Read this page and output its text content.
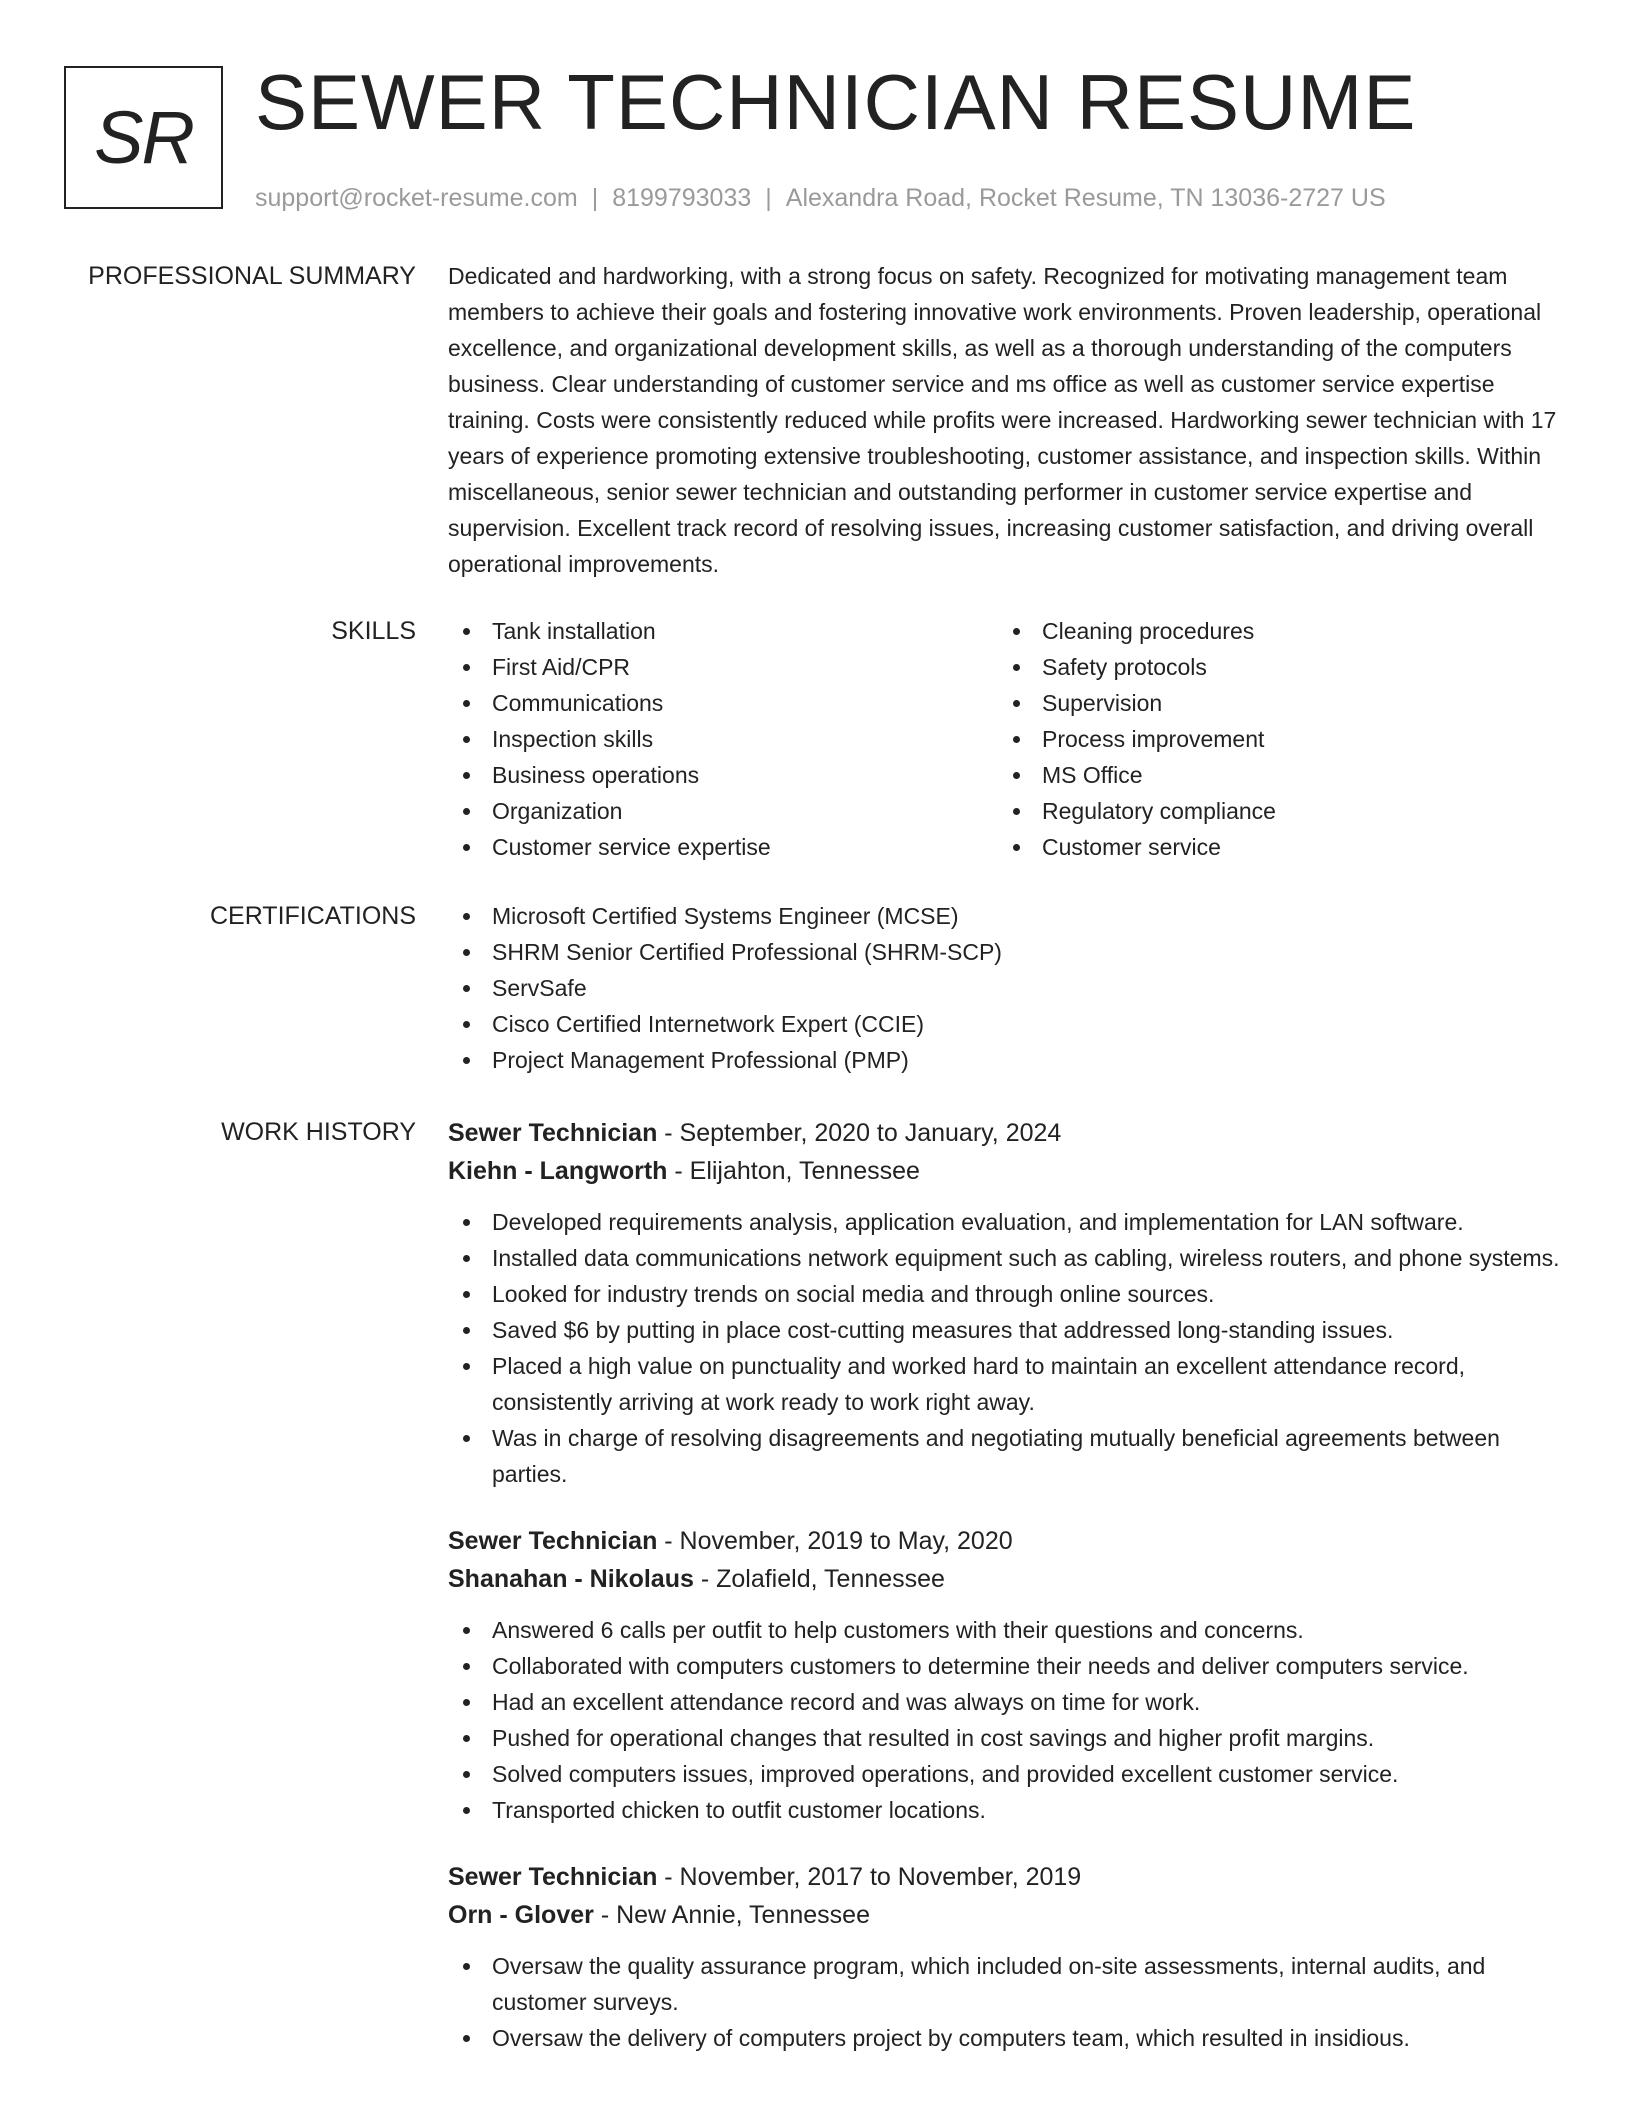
SR SEWER TECHNICIAN RESUME
support@rocket-resume.com | 8199793033 | Alexandra Road, Rocket Resume, TN 13036-2727 US
PROFESSIONAL SUMMARY Dedicated and hardworking, with a strong focus on safety. Recognized for motivating management team members to achieve their goals and fostering innovative work environments. Proven leadership, operational excellence, and organizational development skills, as well as a thorough understanding of the computers business. Clear understanding of customer service and ms office as well as customer service expertise training. Costs were consistently reduced while profits were increased. Hardworking sewer technician with 17 years of experience promoting extensive troubleshooting, customer assistance, and inspection skills. Within miscellaneous, senior sewer technician and outstanding performer in customer service expertise and supervision. Excellent track record of resolving issues, increasing customer satisfaction, and driving overall operational improvements.
SKILLS	Tank installation
First Aid/CPR
Communications
Inspection skills
Business operations
Organization
Customer service expertise
Cleaning procedures
Safety protocols
Supervision
Process improvement
MS Office
Regulatory compliance
Customer service
CERTIFICATIONS	Microsoft Certified Systems Engineer (MCSE)
SHRM Senior Certified Professional (SHRM-SCP)
ServSafe
Cisco Certified Internetwork Expert (CCIE)
Project Management Professional (PMP)
WORK HISTORY Sewer Technician - September, 2020 to January, 2024
Kiehn - Langworth - Elijahton, Tennessee
Developed requirements analysis, application evaluation, and implementation for LAN software.
Installed data communications network equipment such as cabling, wireless routers, and phone systems.
Looked for industry trends on social media and through online sources.
Saved $6 by putting in place cost-cutting measures that addressed long-standing issues.
Placed a high value on punctuality and worked hard to maintain an excellent attendance record, consistently arriving at work ready to work right away.
Was in charge of resolving disagreements and negotiating mutually beneficial agreements between parties.
Sewer Technician - November, 2019 to May, 2020
Shanahan - Nikolaus - Zolafield, Tennessee
Answered 6 calls per outfit to help customers with their questions and concerns.
Collaborated with computers customers to determine their needs and deliver computers service.
Had an excellent attendance record and was always on time for work.
Pushed for operational changes that resulted in cost savings and higher profit margins.
Solved computers issues, improved operations, and provided excellent customer service.
Transported chicken to outfit customer locations.
Sewer Technician - November, 2017 to November, 2019
Orn - Glover - New Annie, Tennessee
Oversaw the quality assurance program, which included on-site assessments, internal audits, and customer surveys.
Oversaw the delivery of computers project by computers team, which resulted in insidious.
